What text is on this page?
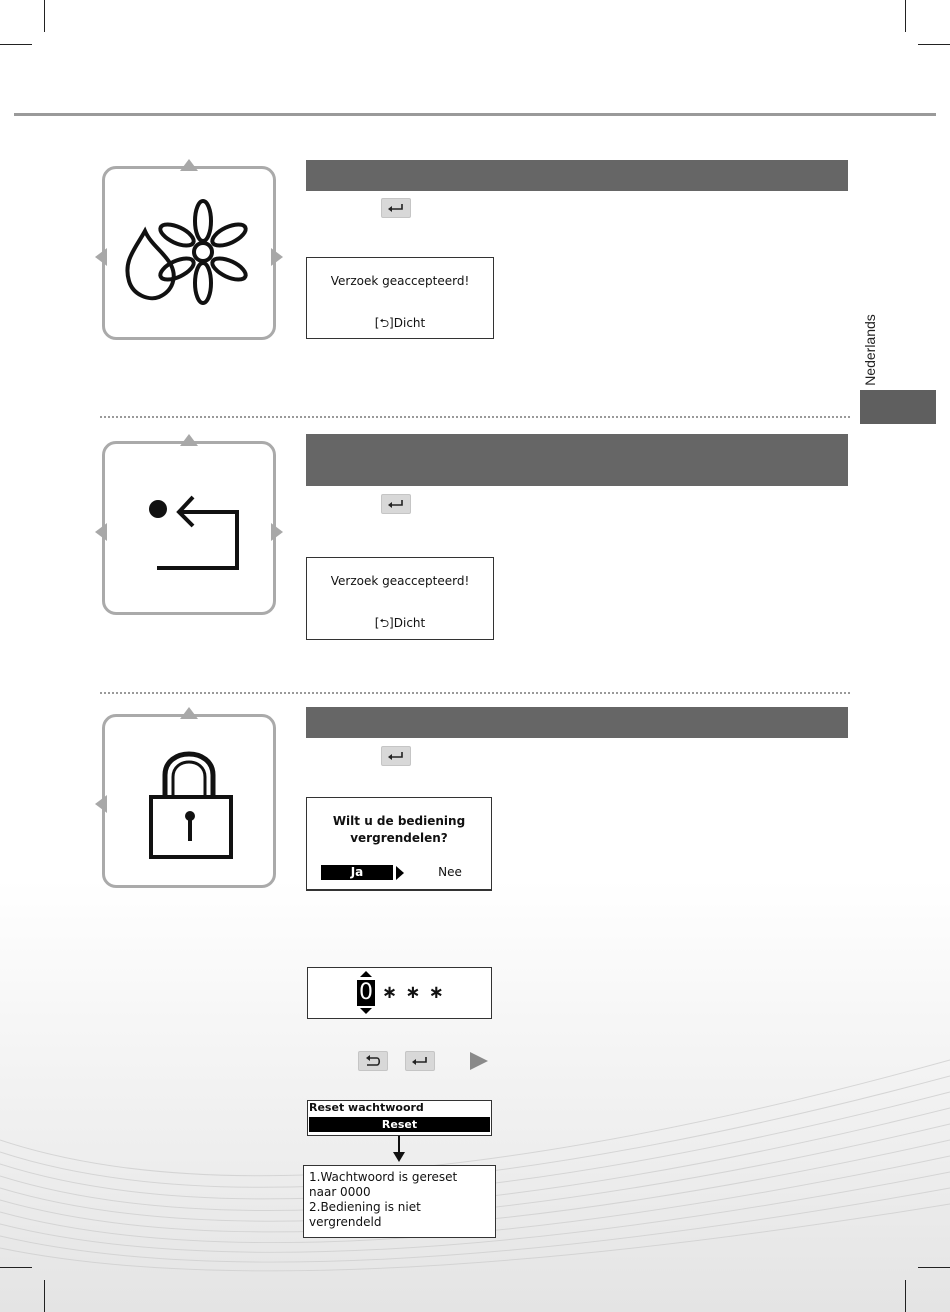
Nederlands
Verzoek geaccepteerd!
[⮌]Dicht
Verzoek geaccepteerd!
[⮌]Dicht
Wilt u de bediening
vergrendelen?
Ja	Nee
0 ∗ ∗ ∗
Reset wachtwoord
Reset
1.Wachtwoord is gereset
naar 0000
2.Bediening is niet
vergrendeld
